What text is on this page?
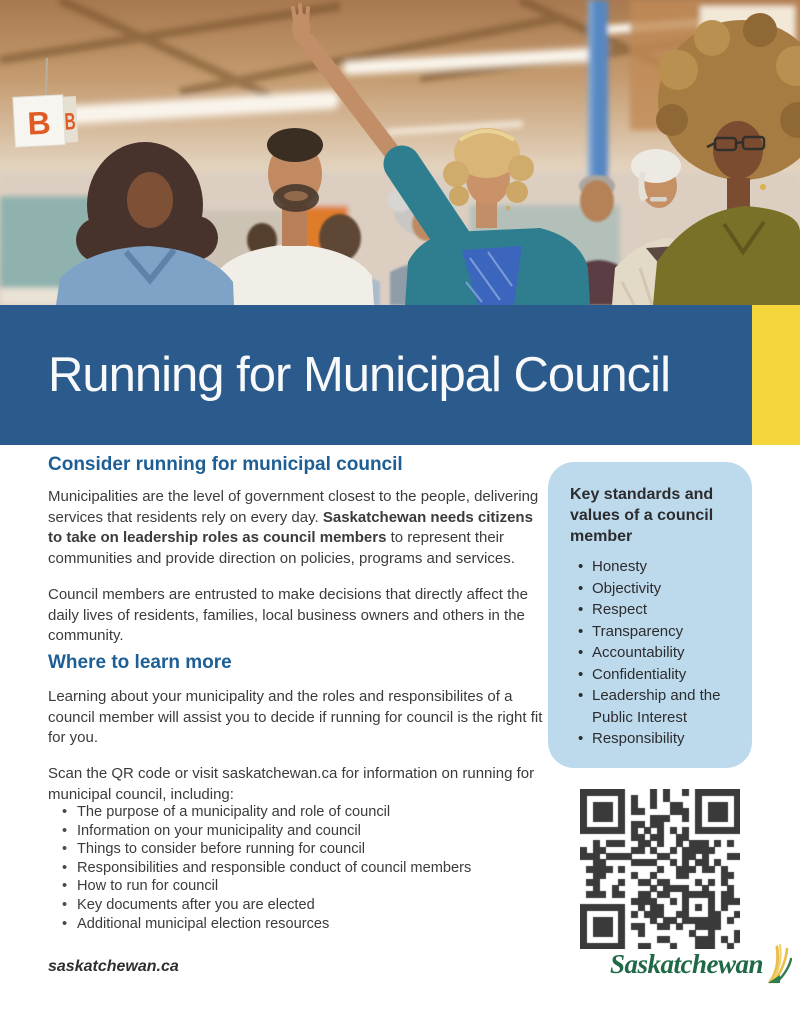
B B
Running for Municipal Council
Consider running for municipal council

Municipalities are the level of government closest to the people, delivering services that residents rely on every day. Saskatchewan needs citizens to take on leadership roles as council members to represent their communities and provide direction on policies, programs and services.

Council members are entrusted to make decisions that directly affect the daily lives of residents, families, local business owners and others in the community.

Where to learn more

Learning about your municipality and the roles and responsibilites of a council member will assist you to decide if running for council is the right fit for you.

Scan the QR code or visit saskatchewan.ca for information on running for municipal council, including:

• The purpose of a municipality and role of council
• Information on your municipality and council
• Things to consider before running for council
• Responsibilities and responsible conduct of council members
• How to run for council
• Key documents after you are elected
• Additional municipal election resources

Key standards and values of a council member

• Honesty
• Objectivity
• Respect
• Transparency
• Accountability
• Confidentiality
• Leadership and the Public Interest
• Responsibility
saskatchewan.ca	Saskatchewan
